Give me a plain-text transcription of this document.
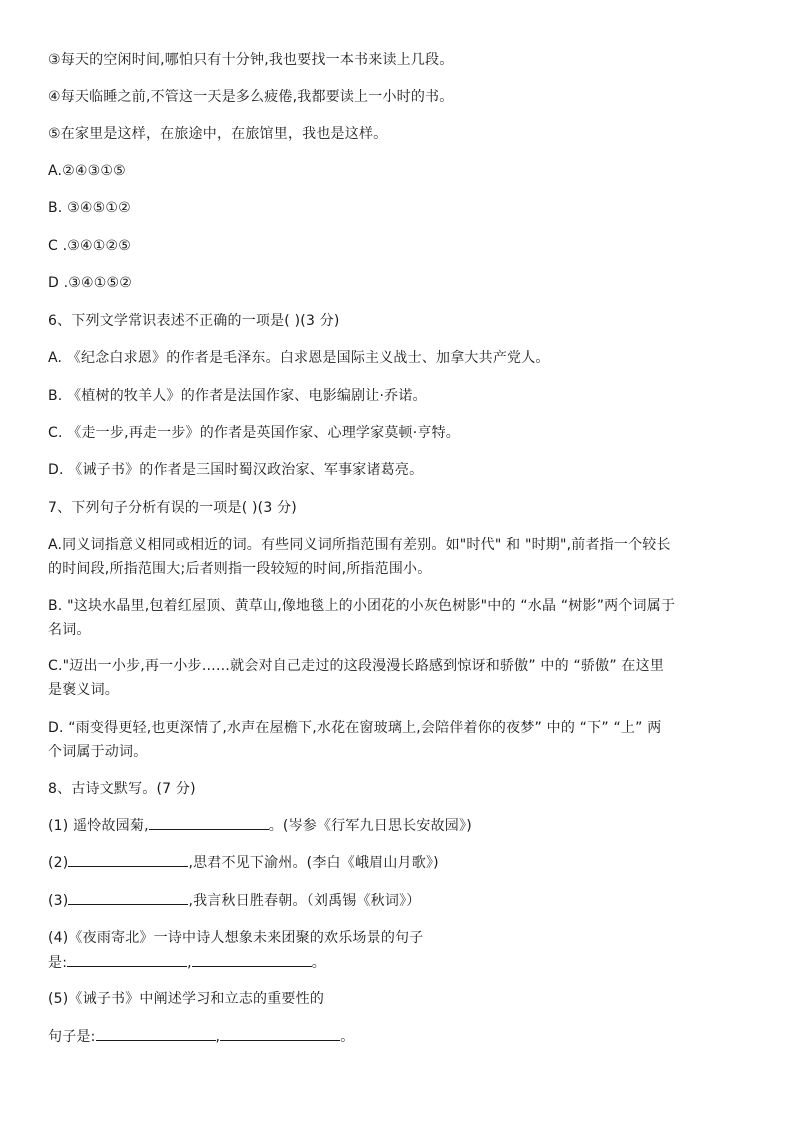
③每天的空闲时间,哪怕只有十分钟,我也要找一本书来读上几段。
④每天临睡之前,不管这一天是多么疲倦,我都要读上一小时的书。
⑤在家里是这样，在旅途中，在旅馆里，我也是这样。
A.②④③①⑤
B. ③④⑤①②
C .③④①②⑤
D .③④①⑤②
6、下列文学常识表述不正确的一项是( )(3 分)
A. 《纪念白求恩》的作者是毛泽东。白求恩是国际主义战士、加拿大共产党人。
B. 《植树的牧羊人》的作者是法国作家、电影编剧让·乔诺。
C. 《走一步,再走一步》的作者是英国作家、心理学家莫顿·亨特。
D. 《诫子书》的作者是三国时蜀汉政治家、军事家诸葛亮。
7、下列句子分析有误的一项是( )(3 分)
A.同义词指意义相同或相近的词。有些同义词所指范围有差别。如"时代" 和 "时期",前者指一个较长
的时间段,所指范围大;后者则指一段较短的时间,所指范围小。
B. "这块水晶里,包着红屋顶、黄草山,像地毯上的小团花的小灰色树影"中的 “水晶 “树影”两个词属于
名词。
C."迈出一小步,再一小步……就会对自己走过的这段漫漫长路感到惊讶和骄傲” 中的 “骄傲” 在这里
是褒义词。
D. “雨变得更轻,也更深情了,水声在屋檐下,水花在窗玻璃上,会陪伴着你的夜梦” 中的 “下” “上” 两
个词属于动词。
8、古诗文默写。(7 分)
(1) 遥怜故园菊,	。(岑参《行军九日思长安故园》)
(2)	,思君不见下渝州。(李白《峨眉山月歌》)
(3)	,我言秋日胜春朝。（刘禹锡《秋词》）
(4)《夜雨寄北》一诗中诗人想象未来团聚的欢乐场景的句子
是:	,	。
(5)《诫子书》中阐述学习和立志的重要性的
句子是:	,	。
